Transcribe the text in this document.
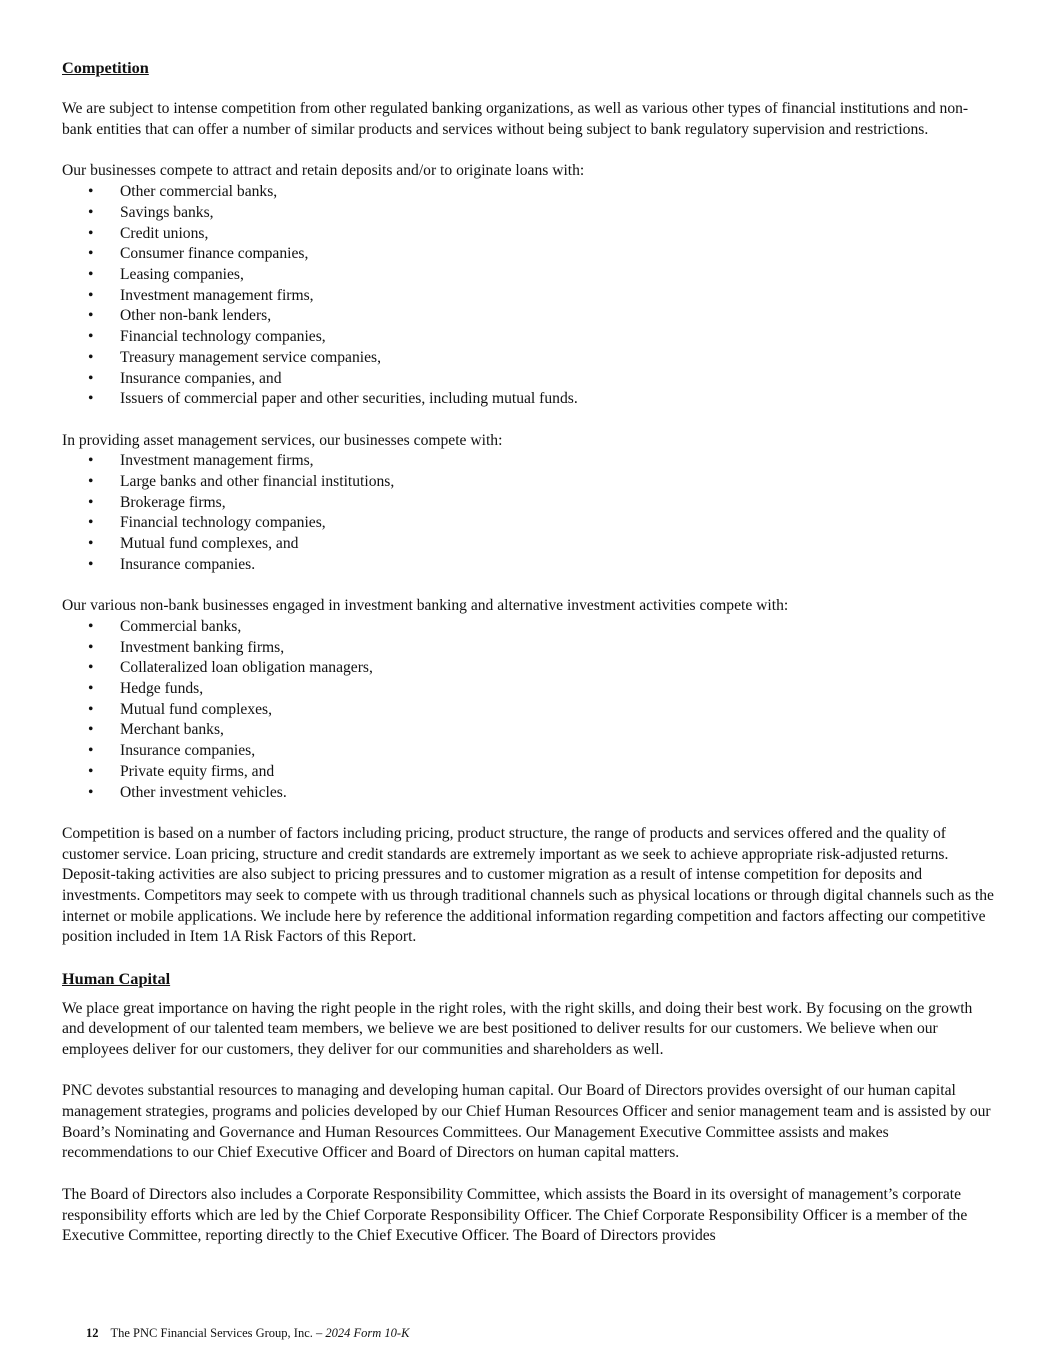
Competition

We are subject to intense competition from other regulated banking organizations, as well as various other types of financial institutions and non-bank entities that can offer a number of similar products and services without being subject to bank regulatory supervision and restrictions.

Our businesses compete to attract and retain deposits and/or to originate loans with:

• Other commercial banks,
• Savings banks,
• Credit unions,
• Consumer finance companies,
• Leasing companies,
• Investment management firms,
• Other non-bank lenders,
• Financial technology companies,
• Treasury management service companies,
• Insurance companies, and
• Issuers of commercial paper and other securities, including mutual funds.

In providing asset management services, our businesses compete with:

• Investment management firms,
• Large banks and other financial institutions,
• Brokerage firms,
• Financial technology companies,
• Mutual fund complexes, and
• Insurance companies.

Our various non-bank businesses engaged in investment banking and alternative investment activities compete with:

• Commercial banks,
• Investment banking firms,
• Collateralized loan obligation managers,
• Hedge funds,
• Mutual fund complexes,
• Merchant banks,
• Insurance companies,
• Private equity firms, and
• Other investment vehicles.

Competition is based on a number of factors including pricing, product structure, the range of products and services offered and the quality of customer service. Loan pricing, structure and credit standards are extremely important as we seek to achieve appropriate risk-adjusted returns. Deposit-taking activities are also subject to pricing pressures and to customer migration as a result of intense competition for deposits and investments. Competitors may seek to compete with us through traditional channels such as physical locations or through digital channels such as the internet or mobile applications. We include here by reference the additional information regarding competition and factors affecting our competitive position included in Item 1A Risk Factors of this Report.

Human Capital

We place great importance on having the right people in the right roles, with the right skills, and doing their best work. By focusing on the growth and development of our talented team members, we believe we are best positioned to deliver results for our customers. We believe when our employees deliver for our customers, they deliver for our communities and shareholders as well.

PNC devotes substantial resources to managing and developing human capital. Our Board of Directors provides oversight of our human capital management strategies, programs and policies developed by our Chief Human Resources Officer and senior management team and is assisted by our Board’s Nominating and Governance and Human Resources Committees. Our Management Executive Committee assists and makes recommendations to our Chief Executive Officer and Board of Directors on human capital matters.

The Board of Directors also includes a Corporate Responsibility Committee, which assists the Board in its oversight of management’s corporate responsibility efforts which are led by the Chief Corporate Responsibility Officer. The Chief Corporate Responsibility Officer is a member of the Executive Committee, reporting directly to the Chief Executive Officer. The Board of Directors provides

12 The PNC Financial Services Group, Inc. – 2024 Form 10-K
